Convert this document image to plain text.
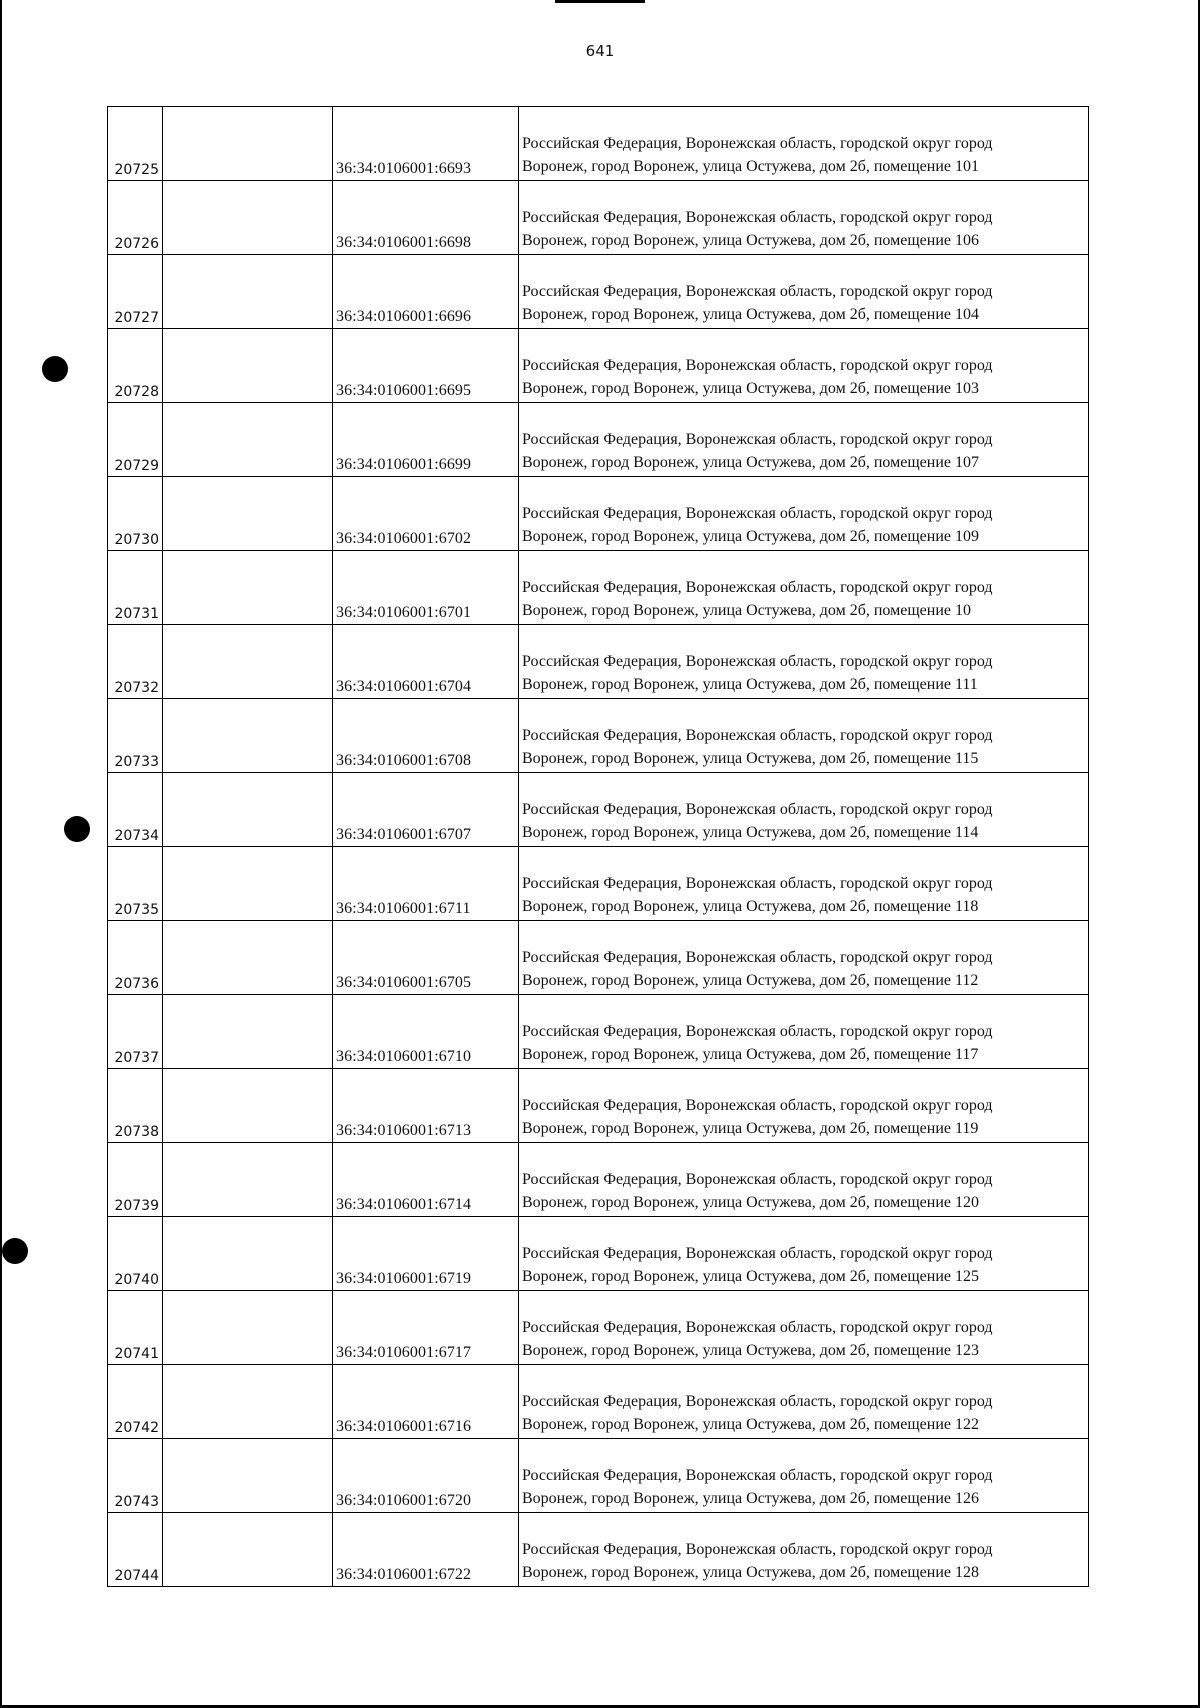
641
20725		36:34:0106001:6693	Российская Федерация, Воронежская область, городской округ город
Воронеж, город Воронеж, улица Остужева, дом 2б, помещение 101

20726		36:34:0106001:6698	Российская Федерация, Воронежская область, городской округ город
Воронеж, город Воронеж, улица Остужева, дом 2б, помещение 106

20727		36:34:0106001:6696	Российская Федерация, Воронежская область, городской округ город
Воронеж, город Воронеж, улица Остужева, дом 2б, помещение 104

20728		36:34:0106001:6695	Российская Федерация, Воронежская область, городской округ город
Воронеж, город Воронеж, улица Остужева, дом 2б, помещение 103

20729		36:34:0106001:6699	Российская Федерация, Воронежская область, городской округ город
Воронеж, город Воронеж, улица Остужева, дом 2б, помещение 107

20730		36:34:0106001:6702	Российская Федерация, Воронежская область, городской округ город
Воронеж, город Воронеж, улица Остужева, дом 2б, помещение 109

20731		36:34:0106001:6701	Российская Федерация, Воронежская область, городской округ город
Воронеж, город Воронеж, улица Остужева, дом 2б, помещение 10

20732		36:34:0106001:6704	Российская Федерация, Воронежская область, городской округ город
Воронеж, город Воронеж, улица Остужева, дом 2б, помещение 111

20733		36:34:0106001:6708	Российская Федерация, Воронежская область, городской округ город
Воронеж, город Воронеж, улица Остужева, дом 2б, помещение 115

20734		36:34:0106001:6707	Российская Федерация, Воронежская область, городской округ город
Воронеж, город Воронеж, улица Остужева, дом 2б, помещение 114

20735		36:34:0106001:6711	Российская Федерация, Воронежская область, городской округ город
Воронеж, город Воронеж, улица Остужева, дом 2б, помещение 118

20736		36:34:0106001:6705	Российская Федерация, Воронежская область, городской округ город
Воронеж, город Воронеж, улица Остужева, дом 2б, помещение 112

20737		36:34:0106001:6710	Российская Федерация, Воронежская область, городской округ город
Воронеж, город Воронеж, улица Остужева, дом 2б, помещение 117

20738		36:34:0106001:6713	Российская Федерация, Воронежская область, городской округ город
Воронеж, город Воронеж, улица Остужева, дом 2б, помещение 119

20739		36:34:0106001:6714	Российская Федерация, Воронежская область, городской округ город
Воронеж, город Воронеж, улица Остужева, дом 2б, помещение 120

20740		36:34:0106001:6719	Российская Федерация, Воронежская область, городской округ город
Воронеж, город Воронеж, улица Остужева, дом 2б, помещение 125

20741		36:34:0106001:6717	Российская Федерация, Воронежская область, городской округ город
Воронеж, город Воронеж, улица Остужева, дом 2б, помещение 123

20742		36:34:0106001:6716	Российская Федерация, Воронежская область, городской округ город
Воронеж, город Воронеж, улица Остужева, дом 2б, помещение 122

20743		36:34:0106001:6720	Российская Федерация, Воронежская область, городской округ город
Воронеж, город Воронеж, улица Остужева, дом 2б, помещение 126

20744		36:34:0106001:6722	Российская Федерация, Воронежская область, городской округ город
Воронеж, город Воронеж, улица Остужева, дом 2б, помещение 128
